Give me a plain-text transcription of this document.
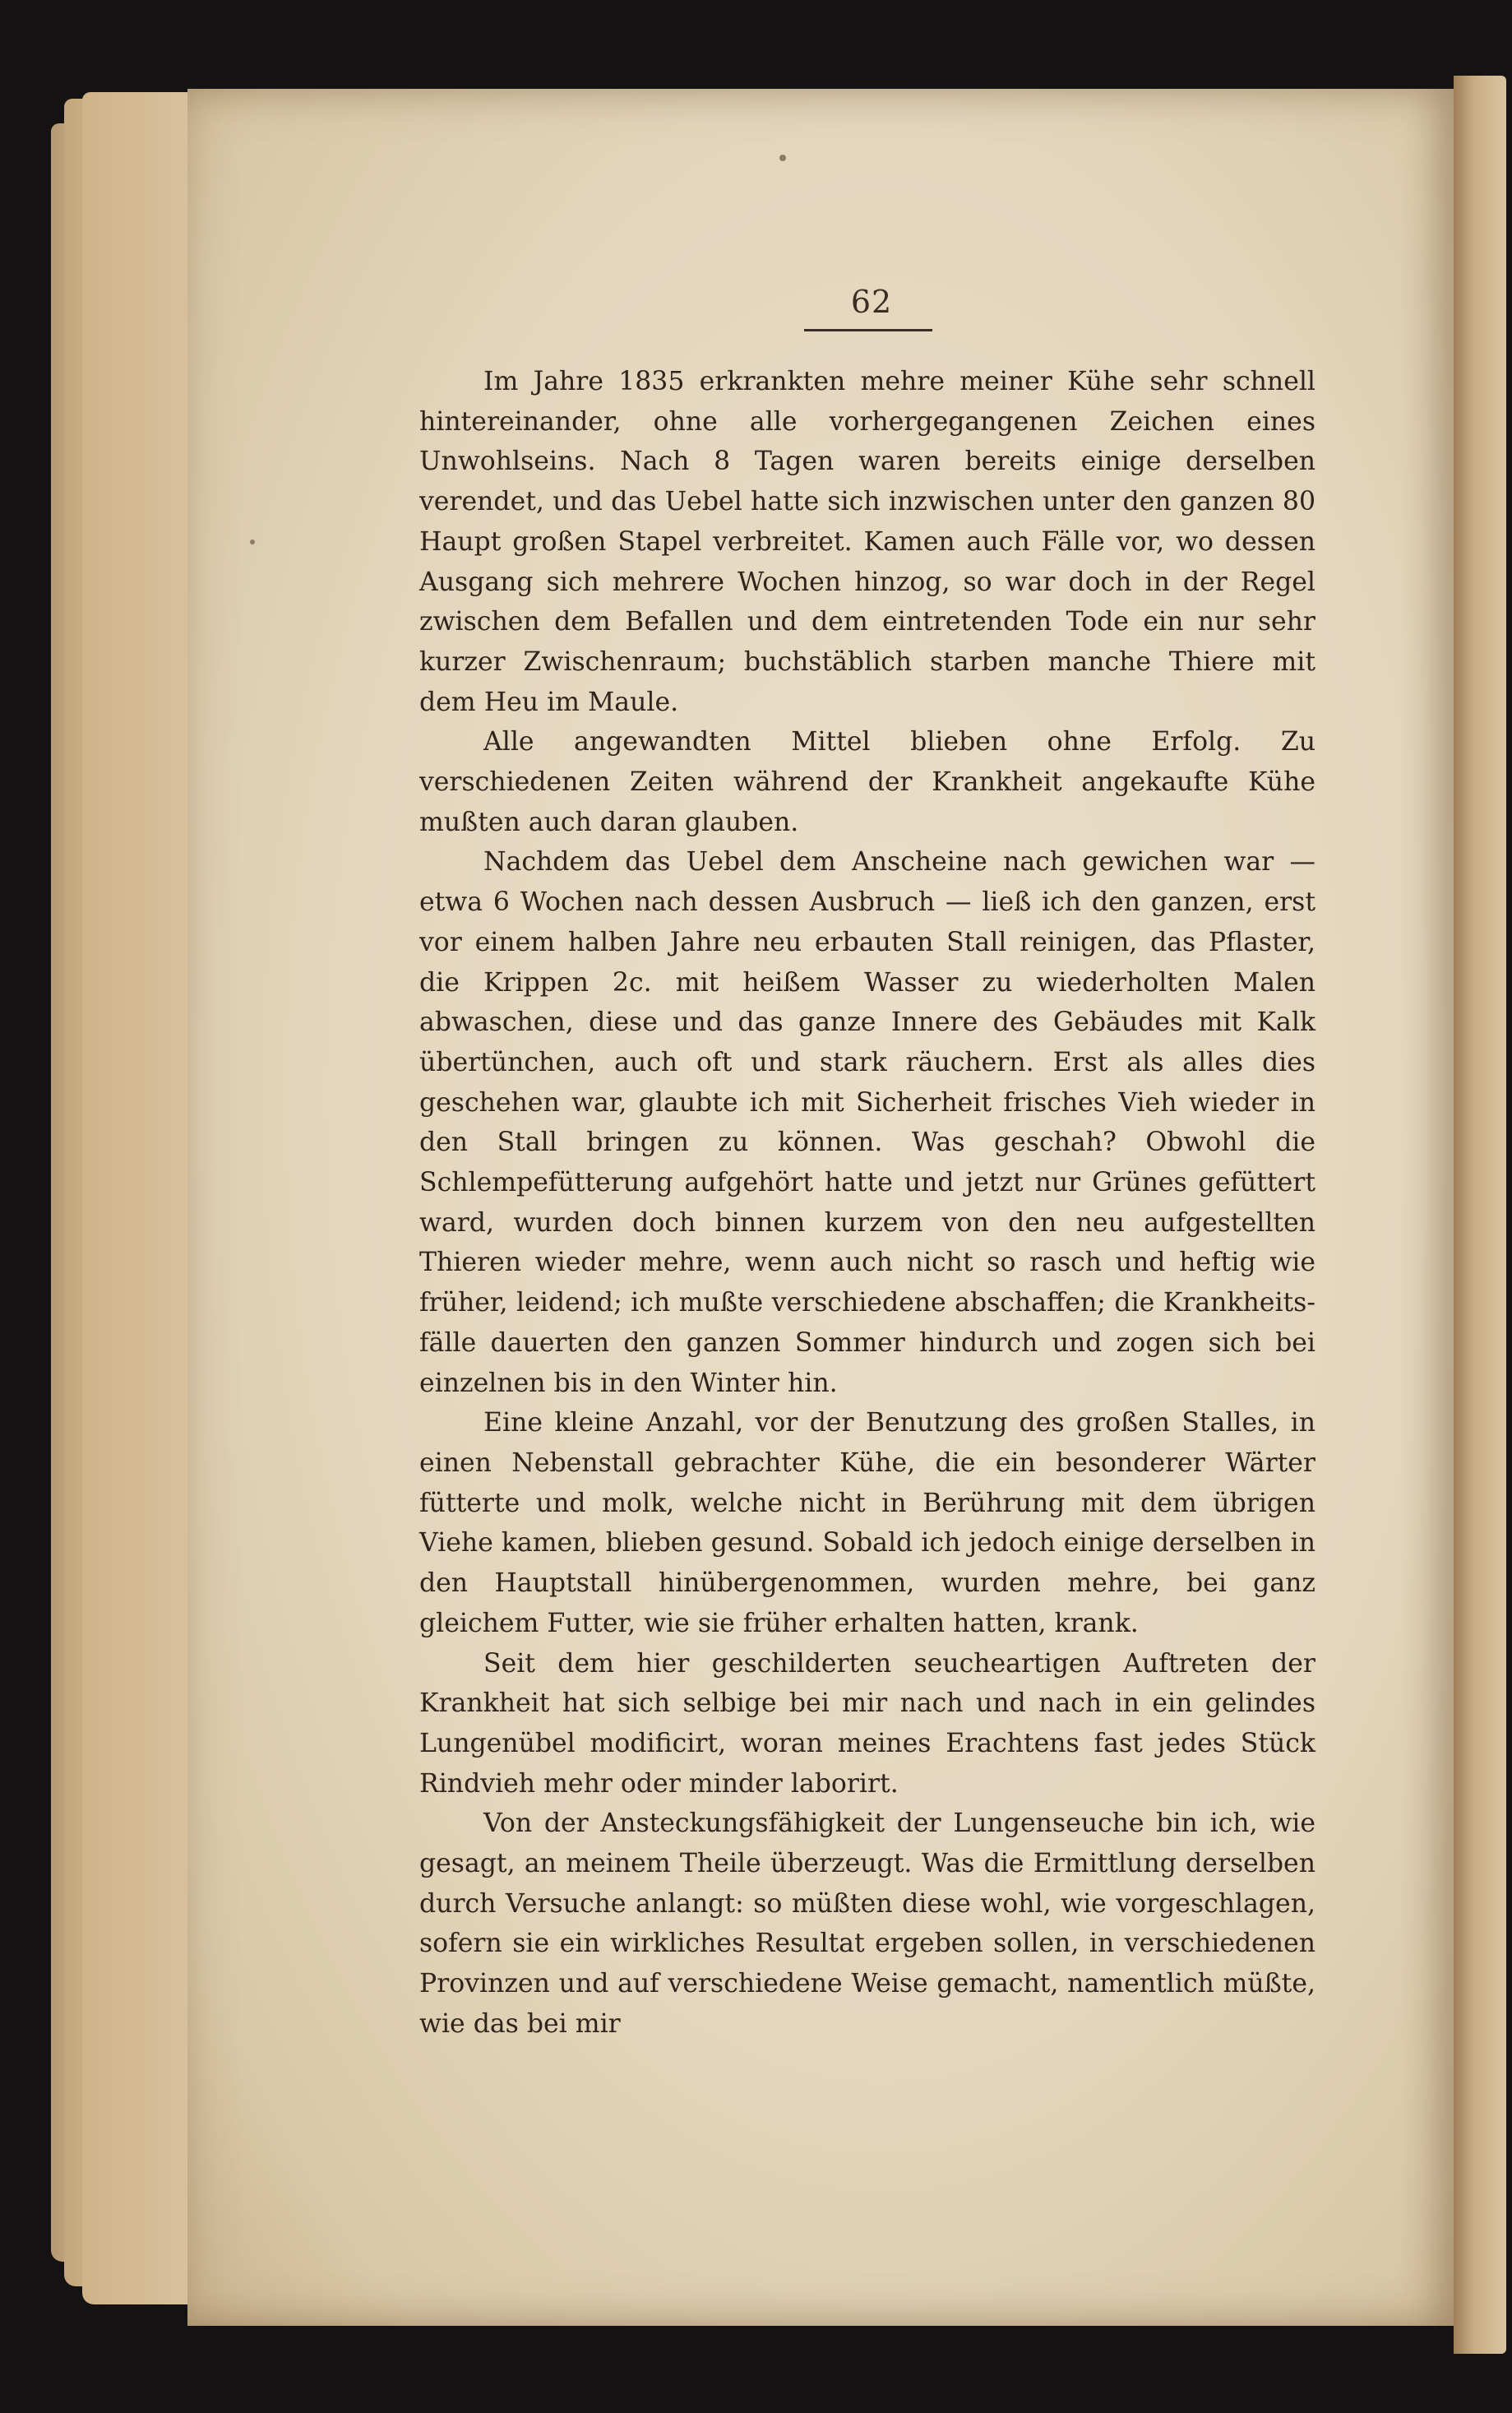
62

Im Jahre 1835 erkrankten mehre meiner Kühe sehr schnell hintereinander, ohne alle vorhergegangenen Zeichen eines Unwohlseins. Nach 8 Tagen waren bereits einige derselben verendet, und das Uebel hatte sich inzwischen unter den ganzen 80 Haupt großen Stapel verbreitet. Kamen auch Fälle vor, wo dessen Ausgang sich mehrere Wochen hinzog, so war doch in der Regel zwischen dem Befallen und dem eintretenden Tode ein nur sehr kurzer Zwischenraum; buchstäblich starben manche Thiere mit dem Heu im Maule.

Alle angewandten Mittel blieben ohne Erfolg. Zu verschiedenen Zeiten während der Krankheit angekaufte Kühe mußten auch daran glauben.

Nachdem das Uebel dem Anscheine nach gewichen war — etwa 6 Wochen nach dessen Ausbruch — ließ ich den ganzen, erst vor einem halben Jahre neu erbauten Stall reinigen, das Pflaster, die Krippen 2c. mit heißem Wasser zu wiederholten Malen abwaschen, diese und das ganze Innere des Gebäudes mit Kalk übertünchen, auch oft und stark räuchern. Erst als alles dies geschehen war, glaubte ich mit Sicherheit frisches Vieh wieder in den Stall bringen zu können. Was geschah? Obwohl die Schlempefütterung aufgehört hatte und jetzt nur Grünes gefüttert ward, wurden doch binnen kurzem von den neu aufgestellten Thieren wieder mehre, wenn auch nicht so rasch und heftig wie früher, leidend; ich mußte verschiedene abschaffen; die Krankheitsfälle dauerten den ganzen Sommer hindurch und zogen sich bei einzelnen bis in den Winter hin.

Eine kleine Anzahl, vor der Benutzung des großen Stalles, in einen Nebenstall gebrachter Kühe, die ein besonderer Wärter fütterte und molk, welche nicht in Berührung mit dem übrigen Viehe kamen, blieben gesund. Sobald ich jedoch einige derselben in den Hauptstall hinübergenommen, wurden mehre, bei ganz gleichem Futter, wie sie früher erhalten hatten, krank.

Seit dem hier geschilderten seucheartigen Auftreten der Krankheit hat sich selbige bei mir nach und nach in ein gelindes Lungenübel modificirt, woran meines Erachtens fast jedes Stück Rindvieh mehr oder minder laborirt.

Von der Ansteckungsfähigkeit der Lungenseuche bin ich, wie gesagt, an meinem Theile überzeugt. Was die Ermittlung derselben durch Versuche anlangt: so müßten diese wohl, wie vorgeschlagen, sofern sie ein wirkliches Resultat ergeben sollen, in verschiedenen Provinzen und auf verschiedene Weise gemacht, namentlich müßte, wie das bei mir
